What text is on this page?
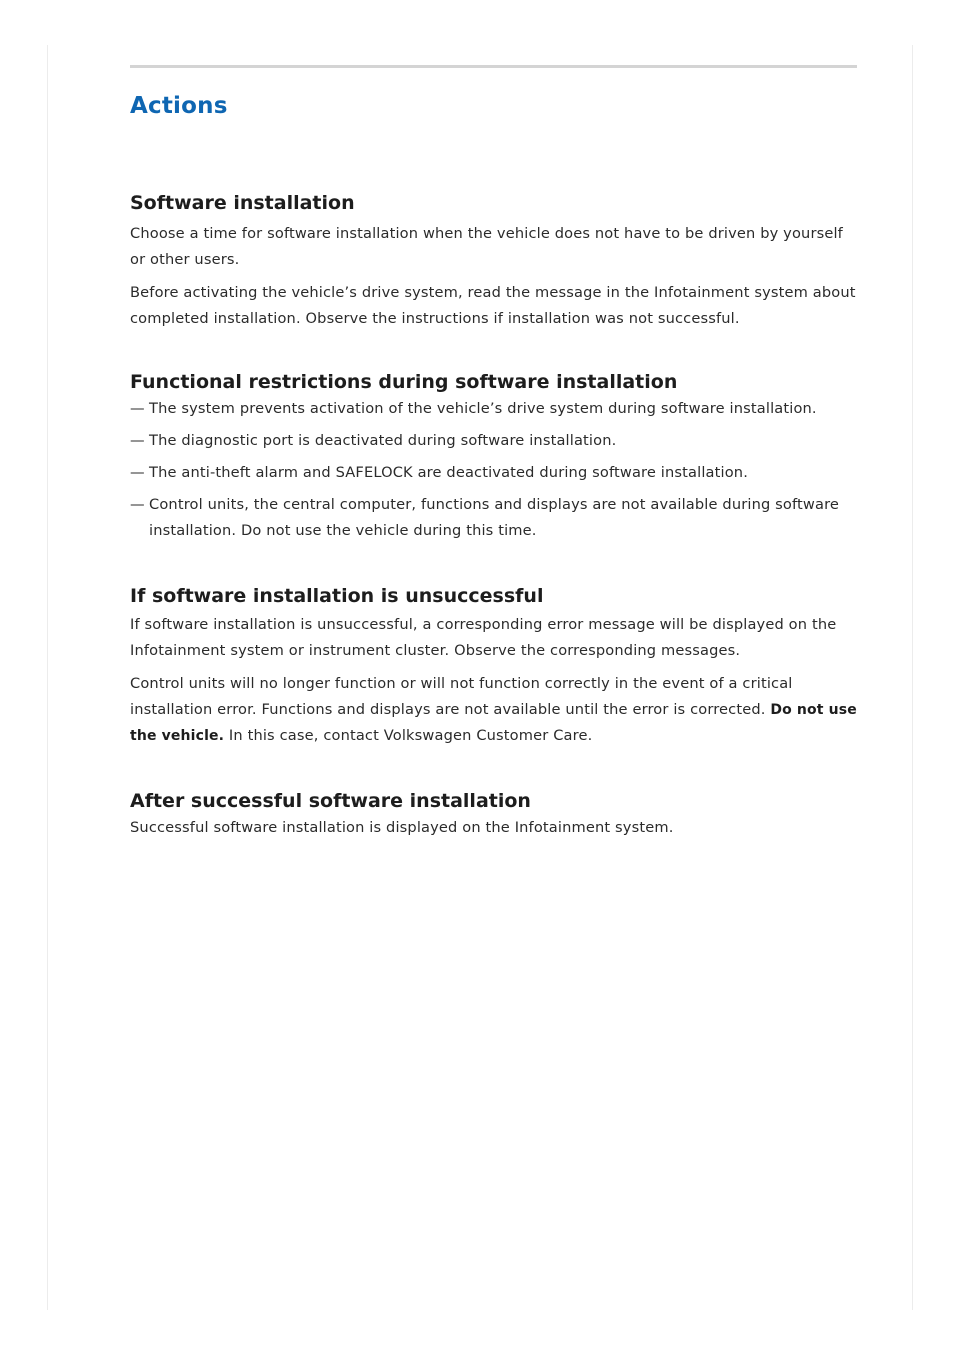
Actions
Software installation

Choose a time for software installation when the vehicle does not have to be driven by yourself or other users.

Before activating the vehicle’s drive system, read the message in the Infotainment system about completed installation. Observe the instructions if installation was not successful.

Functional restrictions during software installation
— The system prevents activation of the vehicle’s drive system during software installation.
— The diagnostic port is deactivated during software installation.
— The anti-theft alarm and SAFELOCK are deactivated during software installation.
— Control units, the central computer, functions and displays are not available during software installation. Do not use the vehicle during this time.
If software installation is unsuccessful

If software installation is unsuccessful, a corresponding error message will be displayed on the Infotainment system or instrument cluster. Observe the corresponding messages.

Control units will no longer function or will not function correctly in the event of a critical installation error. Functions and displays are not available until the error is corrected. Do not use the vehicle. In this case, contact Volkswagen Customer Care.

After successful software installation

Successful software installation is displayed on the Infotainment system.
